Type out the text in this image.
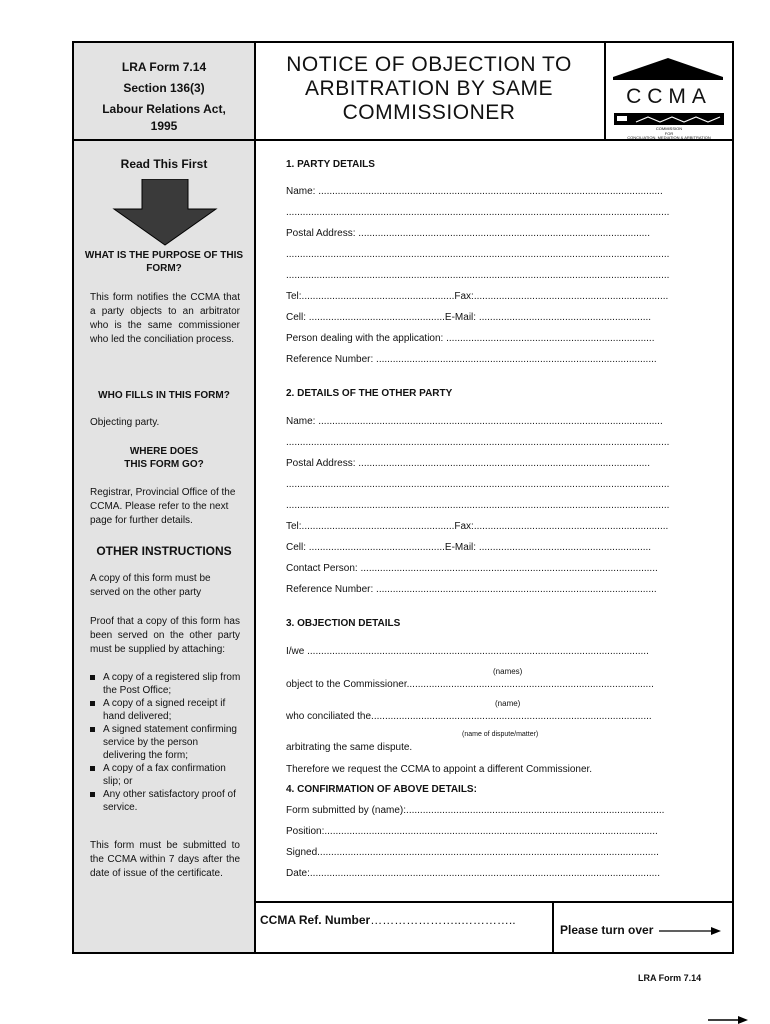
LRA Form 7.14
Section 136(3)
Labour Relations Act,
1995
Read This First
WHAT IS THE PURPOSE OF THIS FORM?
This form notifies the CCMA that a party objects to an arbitrator who is the same commissioner who led the conciliation process.
WHO FILLS IN THIS FORM?
Objecting party.
WHERE DOES THIS FORM GO?
Registrar, Provincial Office of the CCMA. Please refer to the next page for further details.
OTHER INSTRUCTIONS
A copy of this form must be served on the other party
Proof that a copy of this form has been served on the other party must be supplied by attaching:
A copy of a registered slip from the Post Office;
A copy of a signed receipt if hand delivered;
A signed statement confirming service by the person delivering the form;
A copy of a fax confirmation slip; or
Any other satisfactory proof of service.
This form must be submitted to the CCMA within 7 days after the date of issue of the certificate.
NOTICE OF OBJECTION TO
ARBITRATION BY SAME
COMMISSIONER
CCMA
COMMISSION
FOR
CONCILIATION, MEDIATION & ARBITRATION
1. PARTY DETAILS
Name: ............................................................................................................................
..........................................................................................................................................
Postal Address: .........................................................................................................
..........................................................................................................................................
..........................................................................................................................................
Tel:.......................................................Fax:......................................................................
Cell: .................................................E-Mail: ..............................................................
Person dealing with the application: ...........................................................................
Reference Number: .....................................................................................................
2. DETAILS OF THE OTHER PARTY
Name: ............................................................................................................................
..........................................................................................................................................
Postal Address: .........................................................................................................
..........................................................................................................................................
..........................................................................................................................................
Tel:.......................................................Fax:......................................................................
Cell: .................................................E-Mail: ..............................................................
Contact Person: ...........................................................................................................
Reference Number: .....................................................................................................
3. OBJECTION DETAILS
I/we ...........................................................................................................................
(names)
object to the Commissioner.........................................................................................
(name)
who conciliated the.....................................................................................................
(name of dispute/matter)
arbitrating the same dispute.
Therefore we request the CCMA to appoint a different Commissioner.
4. CONFIRMATION OF ABOVE DETAILS:
Form submitted by (name):.............................................................................................
Position:........................................................................................................................
Signed...........................................................................................................................
Date:..............................................................................................................................
CCMA Ref. Number…………………..…………..
Please turn over
LRA Form 7.14
